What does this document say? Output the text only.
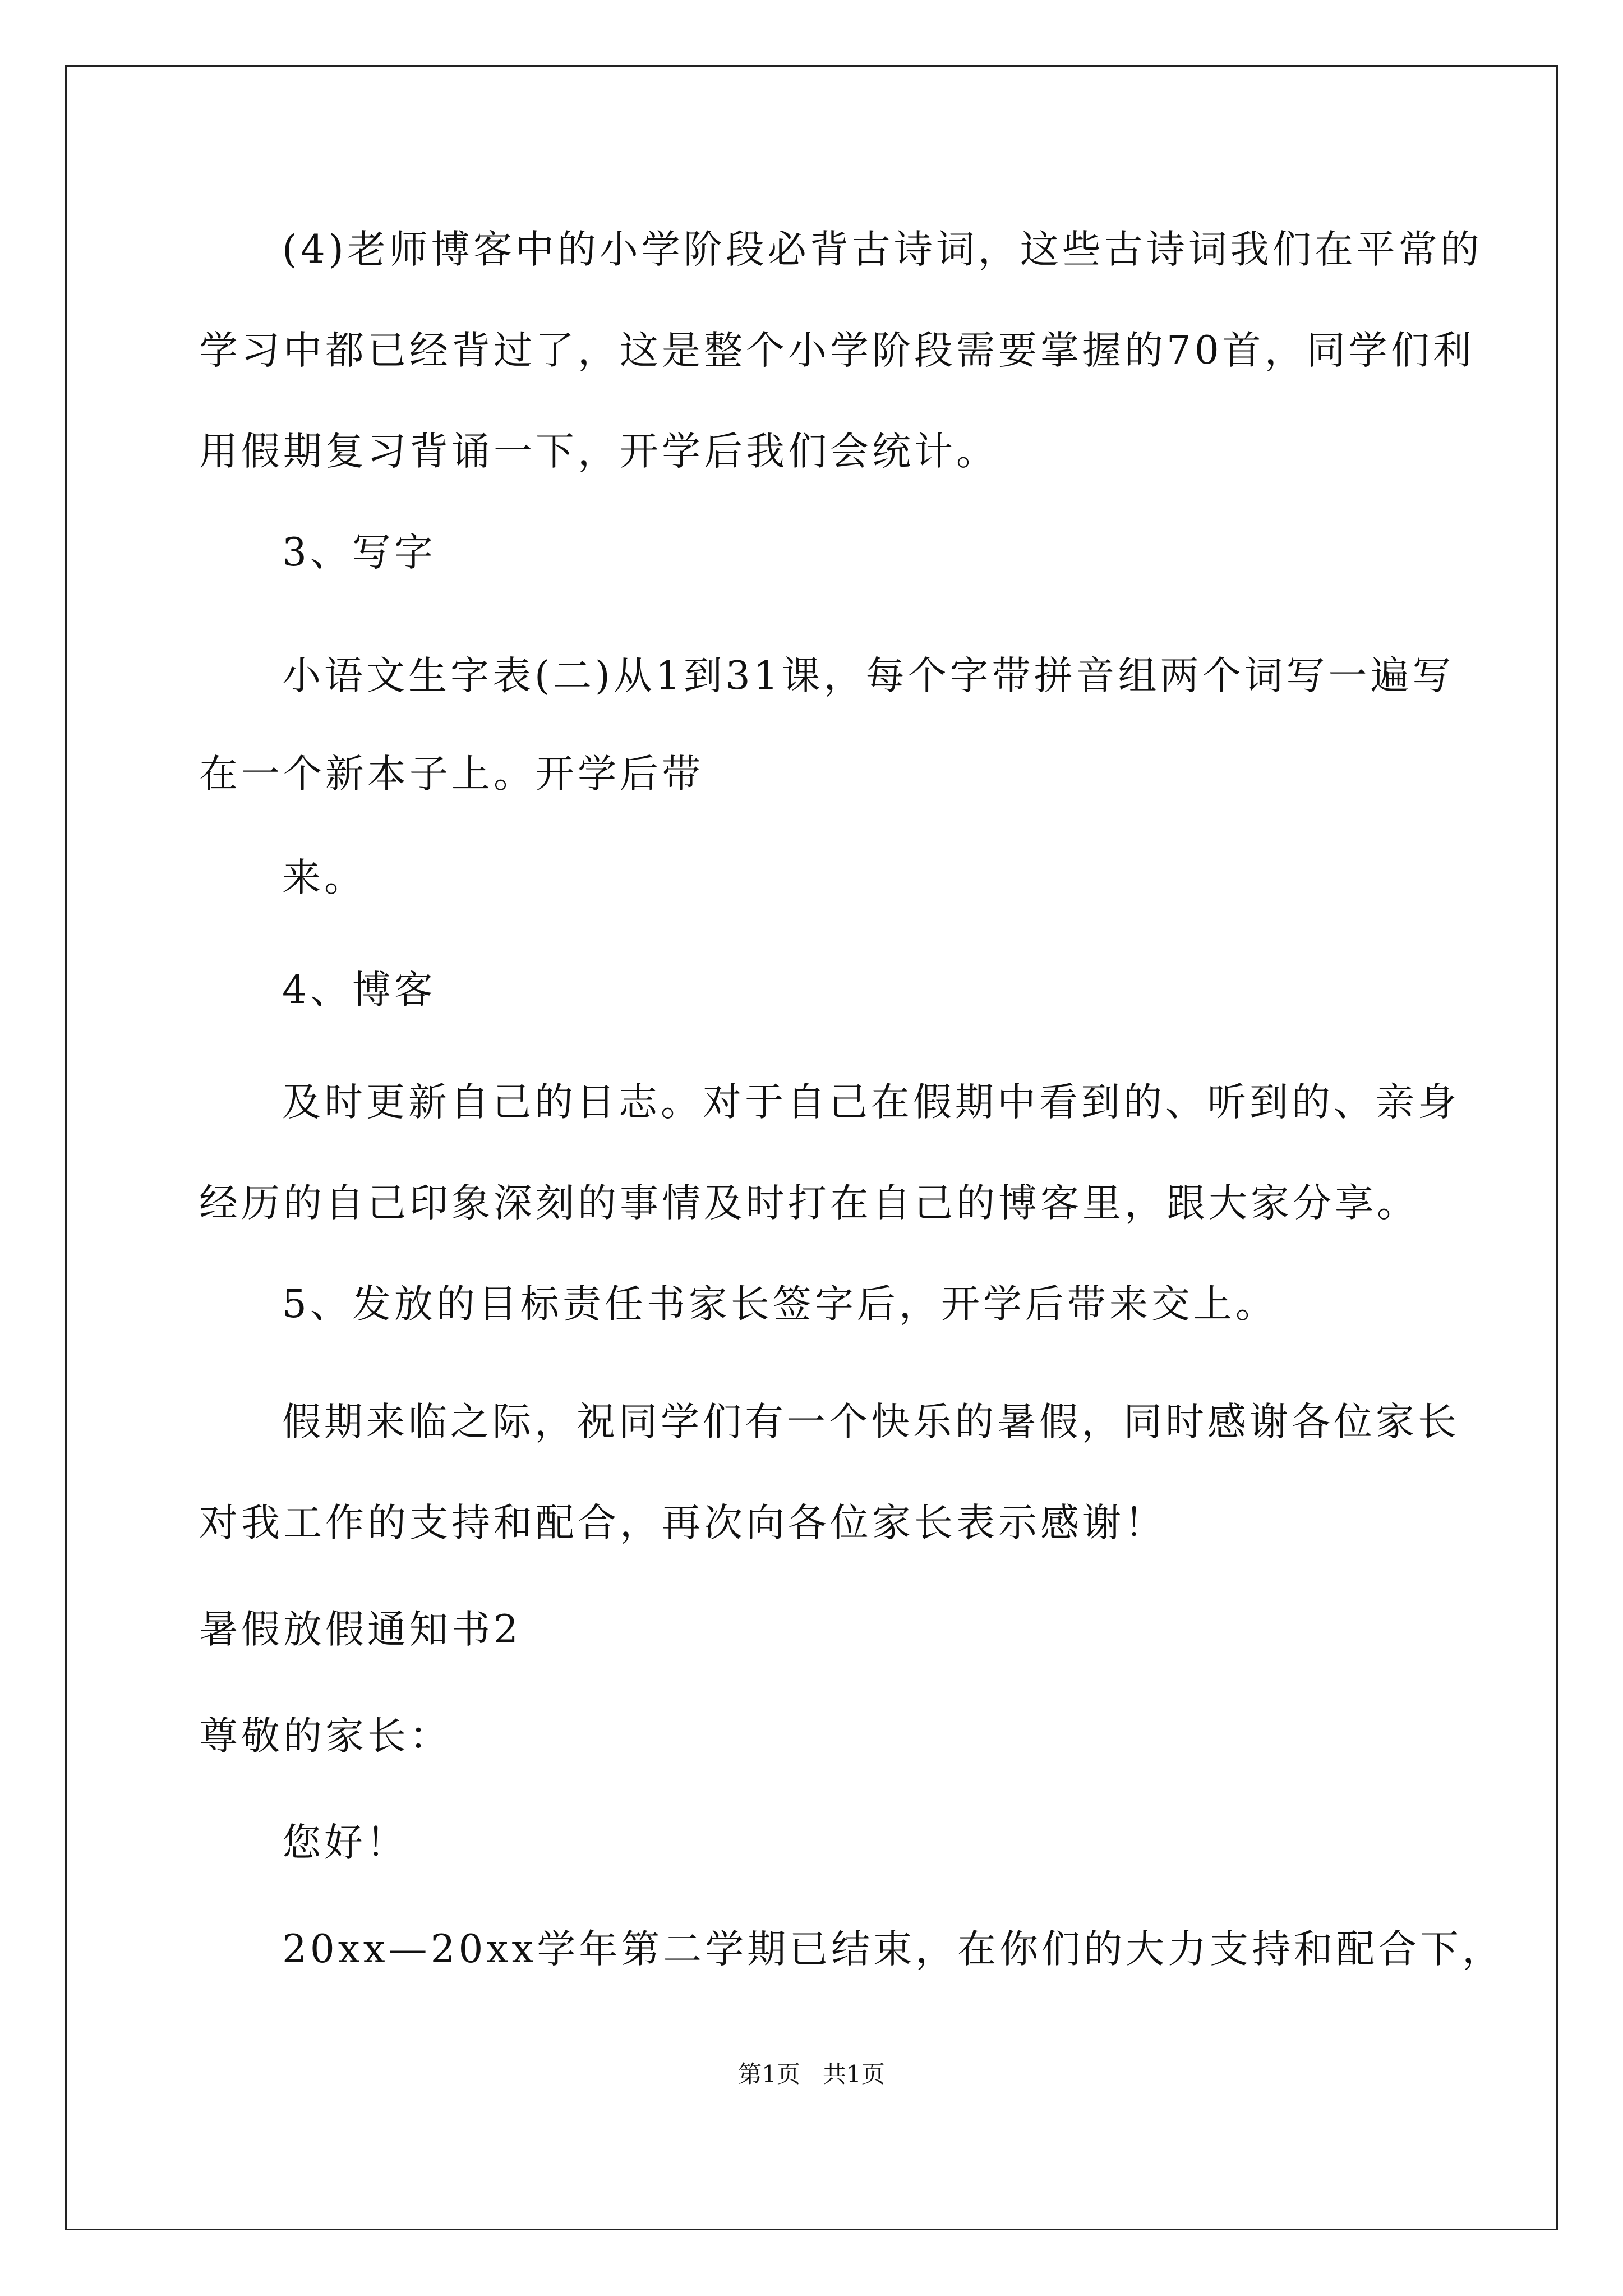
(4)老师博客中的小学阶段必背古诗词，这些古诗词我们在平常的
学习中都已经背过了，这是整个小学阶段需要掌握的70首，同学们利
用假期复习背诵一下，开学后我们会统计。
3、写字
小语文生字表(二)从1到31课，每个字带拼音组两个词写一遍写
在一个新本子上。开学后带
来。
4、博客
及时更新自己的日志。对于自己在假期中看到的、听到的、亲身
经历的自己印象深刻的事情及时打在自己的博客里，跟大家分享。
5、发放的目标责任书家长签字后，开学后带来交上。
假期来临之际，祝同学们有一个快乐的暑假，同时感谢各位家长
对我工作的支持和配合，再次向各位家长表示感谢！
暑假放假通知书2
尊敬的家长：
您好！
20xx—20xx学年第二学期已结束，在你们的大力支持和配合下，
第1页   共1页
